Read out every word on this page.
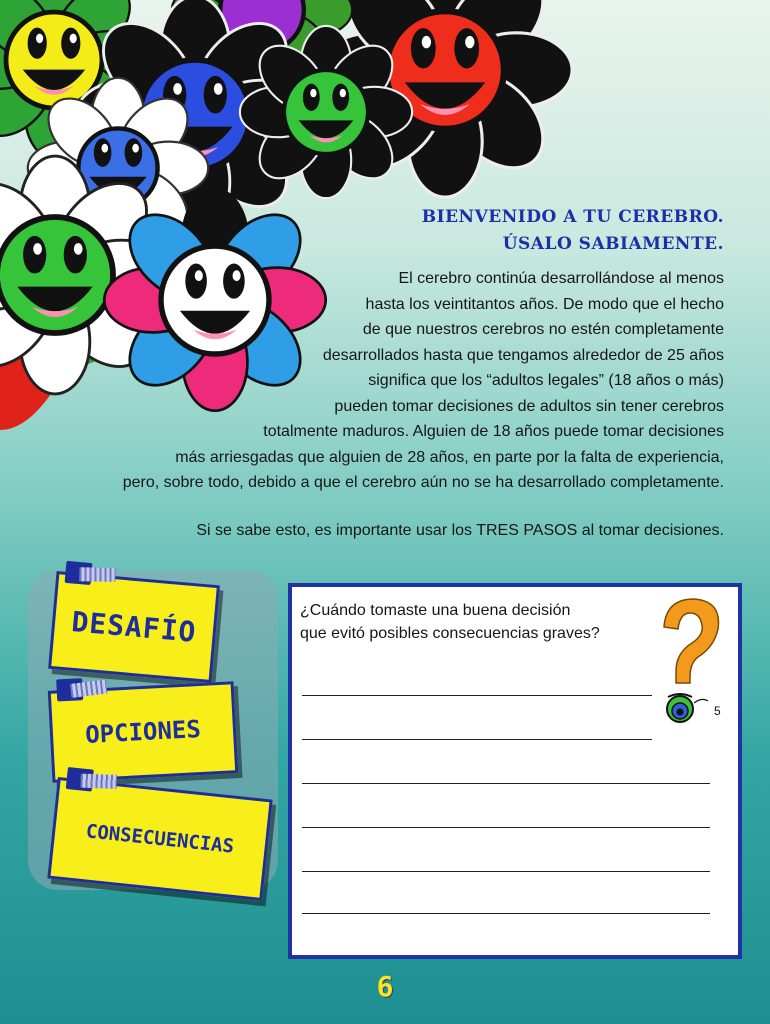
BIENVENIDO A TU CEREBRO.
ÚSALO SABIAMENTE.
El cerebro continúa desarrollándose al menos
hasta los veintitantos años. De modo que el hecho
de que nuestros cerebros no estén completamente
desarrollados hasta que tengamos alrededor de 25 años
significa que los “adultos legales” (18 años o más)
pueden tomar decisiones de adultos sin tener cerebros
totalmente maduros. Alguien de 18 años puede tomar decisiones
más arriesgadas que alguien de 28 años, en parte por la falta de experiencia,
pero, sobre todo, debido a que el cerebro aún no se ha desarrollado completamente.
Si se sabe esto, es importante usar los TRES PASOS al tomar decisiones.
DESAFÍO
OPCIONES
CONSECUENCIAS
¿Cuándo tomaste una buena decisión
que evitó posibles consecuencias graves?
5
6
